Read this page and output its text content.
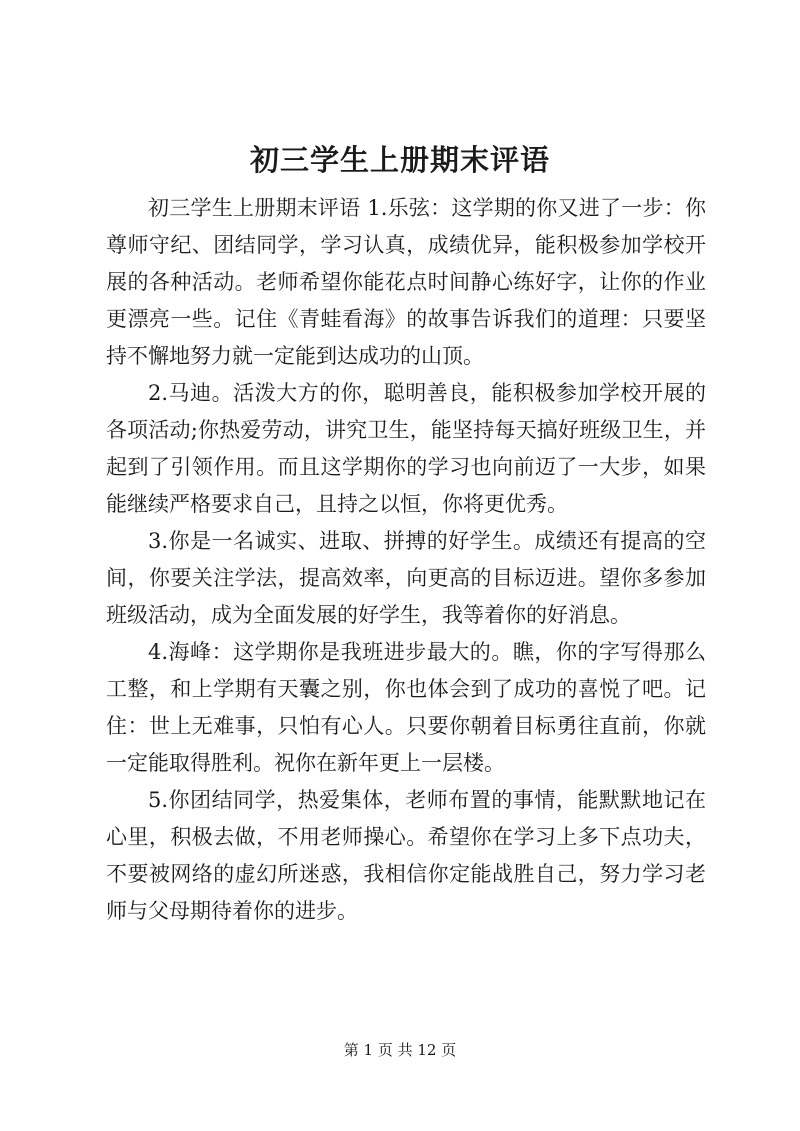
初三学生上册期末评语

初三学生上册期末评语 1.乐弦：这学期的你又进了一步：你尊师守纪、团结同学，学习认真，成绩优异，能积极参加学校开展的各种活动。老师希望你能花点时间静心练好字，让你的作业更漂亮一些。记住《青蛙看海》的故事告诉我们的道理：只要坚持不懈地努力就一定能到达成功的山顶。

2.马迪。活泼大方的你，聪明善良，能积极参加学校开展的各项活动;你热爱劳动，讲究卫生，能坚持每天搞好班级卫生，并起到了引领作用。而且这学期你的学习也向前迈了一大步，如果能继续严格要求自己，且持之以恒，你将更优秀。

3.你是一名诚实、进取、拼搏的好学生。成绩还有提高的空间，你要关注学法，提高效率，向更高的目标迈进。望你多参加班级活动，成为全面发展的好学生，我等着你的好消息。

4.海峰：这学期你是我班进步最大的。瞧，你的字写得那么工整，和上学期有天囊之别，你也体会到了成功的喜悦了吧。记住：世上无难事，只怕有心人。只要你朝着目标勇往直前，你就一定能取得胜利。祝你在新年更上一层楼。

5.你团结同学，热爱集体，老师布置的事情，能默默地记在心里，积极去做，不用老师操心。希望你在学习上多下点功夫，不要被网络的虚幻所迷惑，我相信你定能战胜自己，努力学习老师与父母期待着你的进步。

第 1 页 共 12 页
